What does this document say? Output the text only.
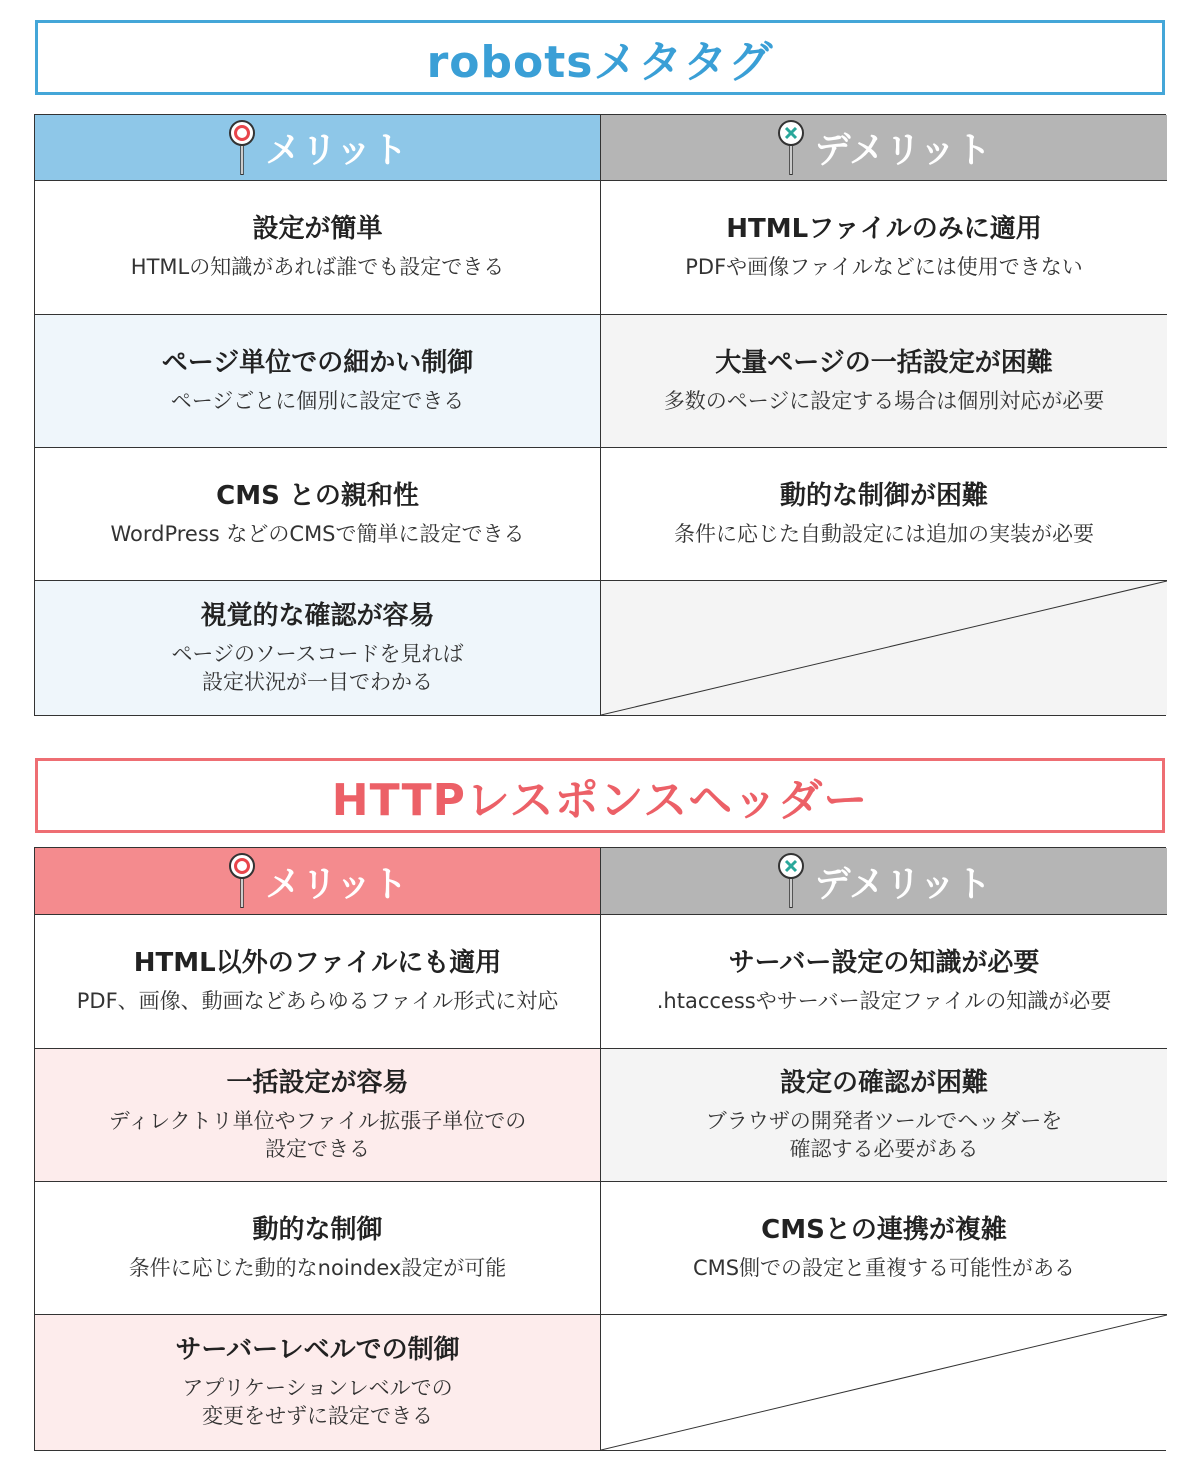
robotsメタタグ
メリット	デメリット
設定が簡単
HTMLの知識があれば誰でも設定できる
HTMLファイルのみに適用
PDFや画像ファイルなどには使用できない
ページ単位での細かい制御
ページごとに個別に設定できる
大量ページの一括設定が困難
多数のページに設定する場合は個別対応が必要
CMS との親和性
WordPress などのCMSで簡単に設定できる
動的な制御が困難
条件に応じた自動設定には追加の実装が必要
視覚的な確認が容易
ページのソースコードを見れば
設定状況が一目でわかる
HTTPレスポンスヘッダー
メリット	デメリット
HTML以外のファイルにも適用
PDF、画像、動画などあらゆるファイル形式に対応
サーバー設定の知識が必要
.htaccessやサーバー設定ファイルの知識が必要
一括設定が容易
ディレクトリ単位やファイル拡張子単位での
設定できる
設定の確認が困難
ブラウザの開発者ツールでヘッダーを
確認する必要がある
動的な制御
条件に応じた動的なnoindex設定が可能
CMSとの連携が複雑
CMS側での設定と重複する可能性がある
サーバーレベルでの制御
アプリケーションレベルでの
変更をせずに設定できる
